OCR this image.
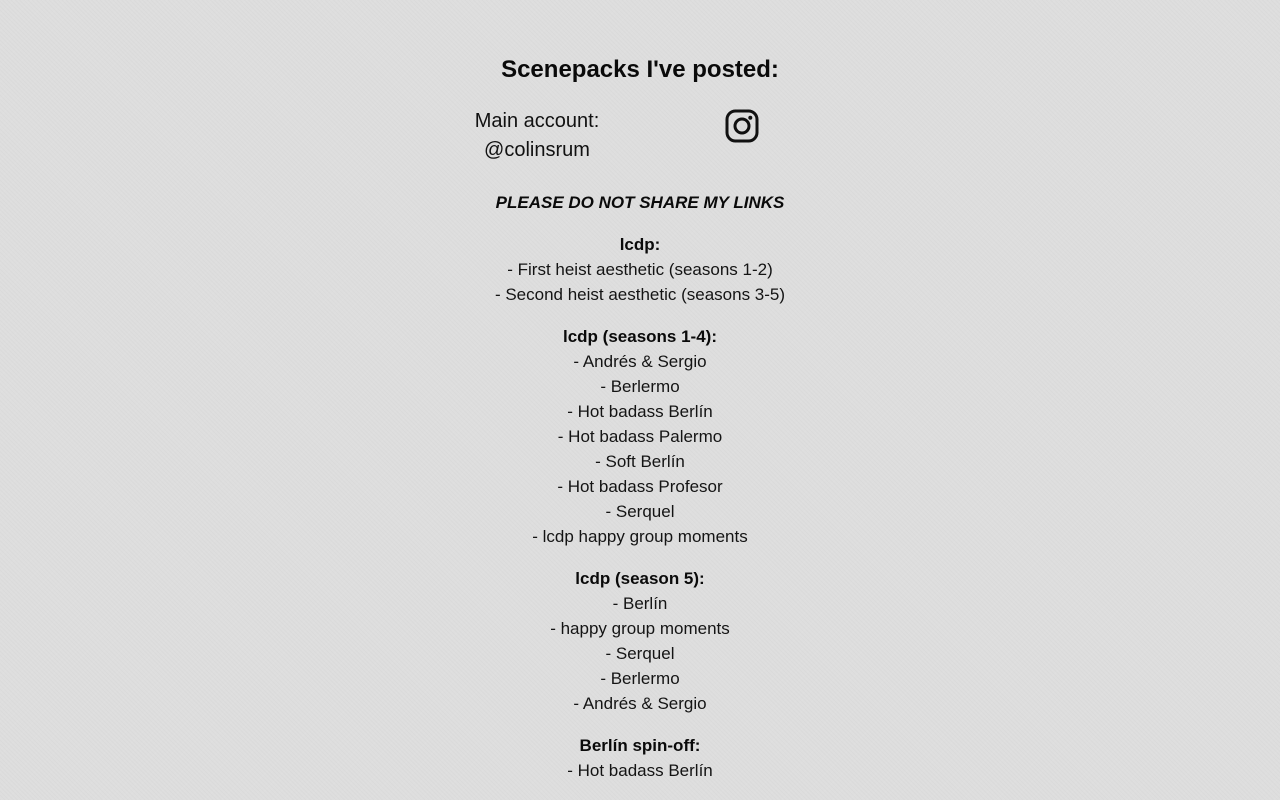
Scenepacks I've posted:
Main account:
@colinsrum
PLEASE DO NOT SHARE MY LINKS
lcdp:
- First heist aesthetic (seasons 1-2)
- Second heist aesthetic (seasons 3-5)
lcdp (seasons 1-4):
- Andrés & Sergio
- Berlermo
- Hot badass Berlín
- Hot badass Palermo
- Soft Berlín
- Hot badass Profesor
- Serquel
- lcdp happy group moments
lcdp (season 5):
- Berlín
- happy group moments
- Serquel
- Berlermo
- Andrés & Sergio
Berlín spin-off:
- Hot badass Berlín
